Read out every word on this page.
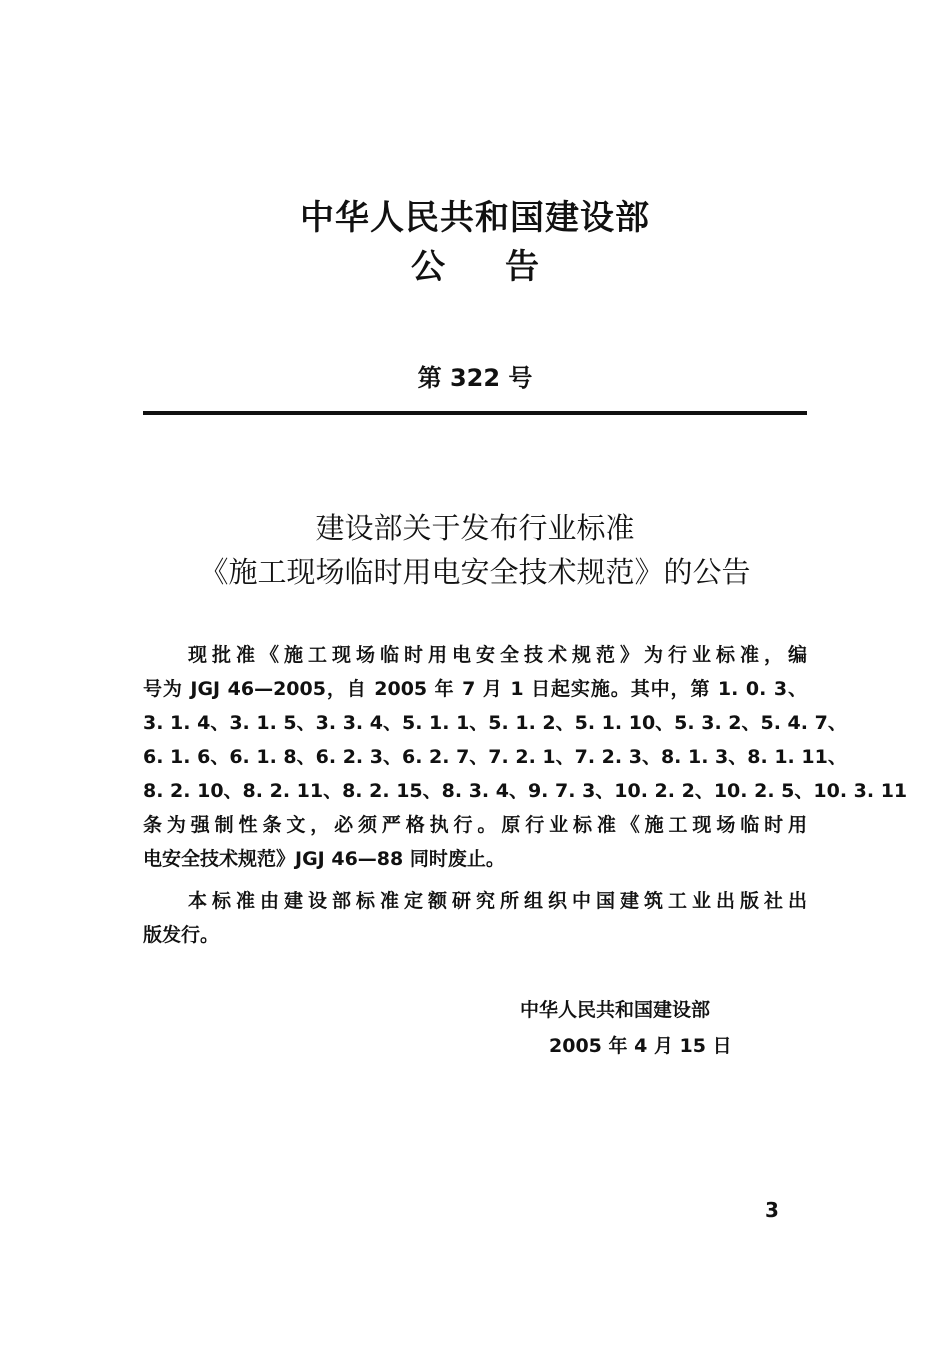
中华人民共和国建设部
公告
第 322 号
建设部关于发布行业标准
《施工现场临时用电安全技术规范》的公告
现批准《施工现场临时用电安全技术规范》为行业标准，编
号为 JGJ 46—2005，自 2005 年 7 月 1 日起实施。其中，第 1. 0. 3、
3. 1. 4、3. 1. 5、3. 3. 4、5. 1. 1、5. 1. 2、5. 1. 10、5. 3. 2、5. 4. 7、
6. 1. 6、6. 1. 8、6. 2. 3、6. 2. 7、7. 2. 1、7. 2. 3、8. 1. 3、8. 1. 11、
8. 2. 10、8. 2. 11、8. 2. 15、8. 3. 4、9. 7. 3、10. 2. 2、10. 2. 5、10. 3. 11
条为强制性条文，必须严格执行。原行业标准《施工现场临时用
电安全技术规范》JGJ 46—88 同时废止。
本标准由建设部标准定额研究所组织中国建筑工业出版社出
版发行。
中华人民共和国建设部
2005 年 4 月 15 日
3
